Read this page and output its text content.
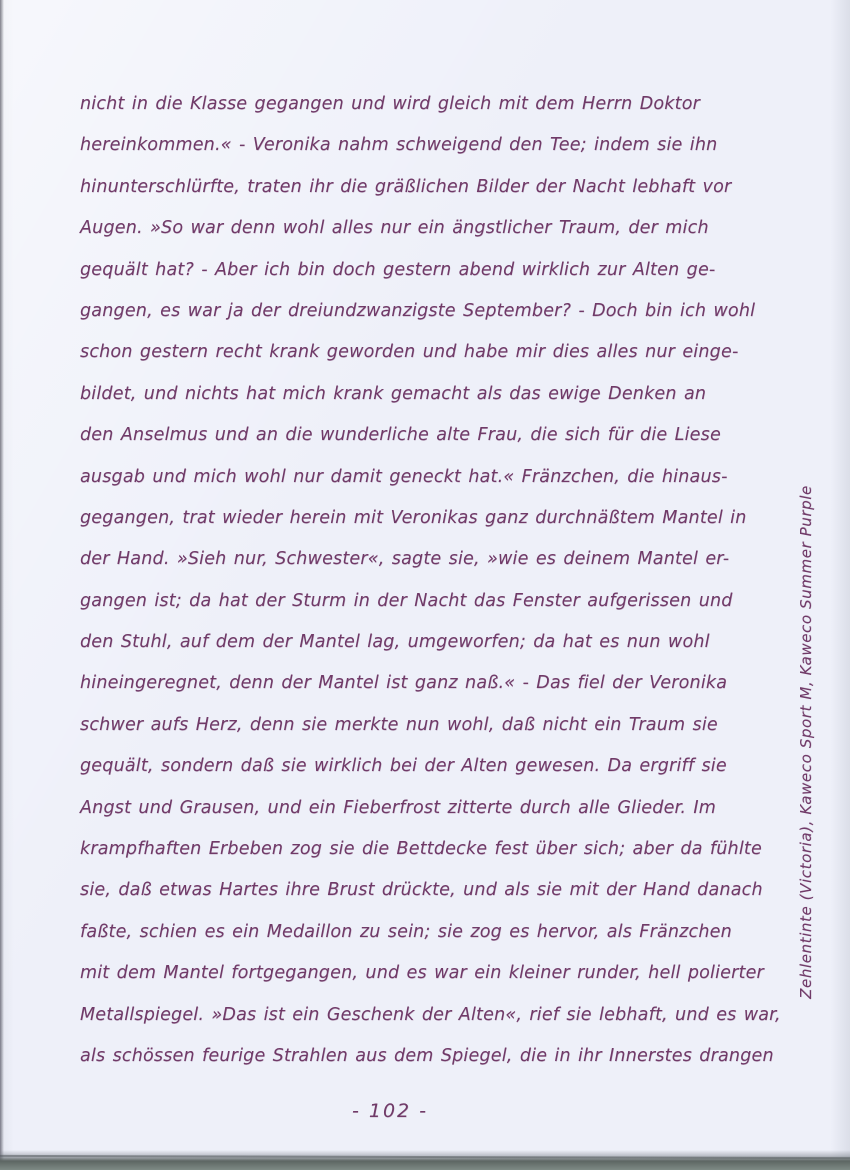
nicht in die Klasse gegangen und wird gleich mit dem Herrn Doktor
hereinkommen.« - Veronika nahm schweigend den Tee; indem sie ihn
hinunterschlürfte, traten ihr die gräßlichen Bilder der Nacht lebhaft vor
Augen. »So war denn wohl alles nur ein ängstlicher Traum, der mich
gequält hat? - Aber ich bin doch gestern abend wirklich zur Alten ge-
gangen, es war ja der dreiundzwanzigste September? - Doch bin ich wohl
schon gestern recht krank geworden und habe mir dies alles nur einge-
bildet, und nichts hat mich krank gemacht als das ewige Denken an
den Anselmus und an die wunderliche alte Frau, die sich für die Liese
ausgab und mich wohl nur damit geneckt hat.« Fränzchen, die hinaus-
gegangen, trat wieder herein mit Veronikas ganz durchnäßtem Mantel in
der Hand. »Sieh nur, Schwester«, sagte sie, »wie es deinem Mantel er-
gangen ist; da hat der Sturm in der Nacht das Fenster aufgerissen und
den Stuhl, auf dem der Mantel lag, umgeworfen; da hat es nun wohl
hineingeregnet, denn der Mantel ist ganz naß.« - Das fiel der Veronika
schwer aufs Herz, denn sie merkte nun wohl, daß nicht ein Traum sie
gequält, sondern daß sie wirklich bei der Alten gewesen. Da ergriff sie
Angst und Grausen, und ein Fieberfrost zitterte durch alle Glieder. Im
krampfhaften Erbeben zog sie die Bettdecke fest über sich; aber da fühlte
sie, daß etwas Hartes ihre Brust drückte, und als sie mit der Hand danach
faßte, schien es ein Medaillon zu sein; sie zog es hervor, als Fränzchen
mit dem Mantel fortgegangen, und es war ein kleiner runder, hell polierter
Metallspiegel. »Das ist ein Geschenk der Alten«, rief sie lebhaft, und es war,
als schössen feurige Strahlen aus dem Spiegel, die in ihr Innerstes drangen
Zehlentinte (Victoria), Kaweco Sport M, Kaweco Summer Purple
- 102 -
